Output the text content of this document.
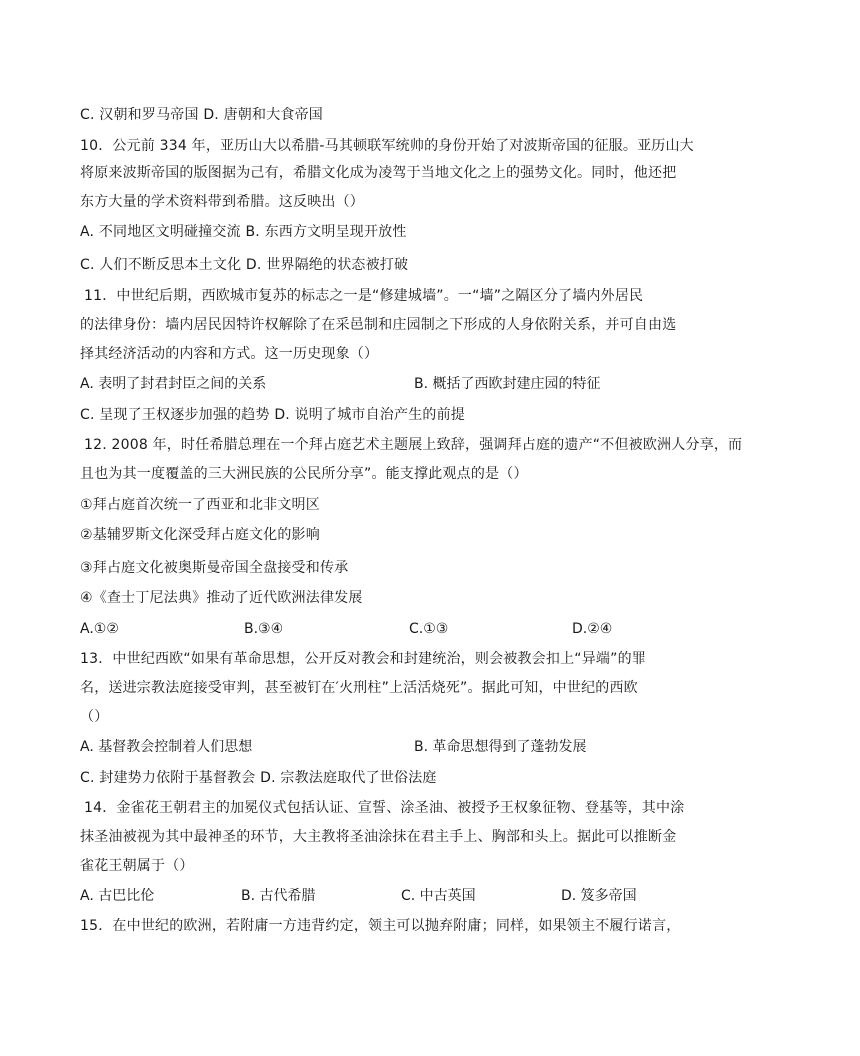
C. 汉朝和罗马帝国 D. 唐朝和大食帝国
10．公元前 334 年，亚历山大以希腊-马其顿联军统帅的身份开始了对波斯帝国的征服。亚历山大
将原来波斯帝国的版图据为己有，希腊文化成为凌驾于当地文化之上的强势文化。同时，他还把
东方大量的学术资料带到希腊。这反映出（）
A. 不同地区文明碰撞交流 B. 东西方文明呈现开放性
C. 人们不断反思本土文化 D. 世界隔绝的状态被打破
11．中世纪后期，西欧城市复苏的标志之一是“修建城墙”。一“墙”之隔区分了墙内外居民
的法律身份：墙内居民因特许权解除了在采邑制和庄园制之下形成的人身依附关系，并可自由选
择其经济活动的内容和方式。这一历史现象（）
A. 表明了封君封臣之间的关系	B. 概括了西欧封建庄园的特征
C. 呈现了王权逐步加强的趋势 D. 说明了城市自治产生的前提
12. 2008 年，时任希腊总理在一个拜占庭艺术主题展上致辞，强调拜占庭的遗产“不但被欧洲人分享，而
且也为其一度覆盖的三大洲民族的公民所分享”。能支撑此观点的是（）
①拜占庭首次统一了西亚和北非文明区
②基辅罗斯文化深受拜占庭文化的影响
③拜占庭文化被奥斯曼帝国全盘接受和传承
④《查士丁尼法典》推动了近代欧洲法律发展
A.①②	B.③④	C.①③	D.②④
13．中世纪西欧“如果有革命思想，公开反对教会和封建统治，则会被教会扣上“异端”的罪
名，送进宗教法庭接受审判，甚至被钉在′火刑柱”上活活烧死”。据此可知，中世纪的西欧
（）
A. 基督教会控制着人们思想	B. 革命思想得到了蓬勃发展
C. 封建势力依附于基督教会 D. 宗教法庭取代了世俗法庭
14．金雀花王朝君主的加冕仪式包括认证、宣誓、涂圣油、被授予王权象征物、登基等，其中涂
抹圣油被视为其中最神圣的环节，大主教将圣油涂抹在君主手上、胸部和头上。据此可以推断金
雀花王朝属于（）
A. 古巴比伦	B. 古代希腊	C. 中古英国	D. 笈多帝国
15．在中世纪的欧洲，若附庸一方违背约定，领主可以抛弃附庸；同样，如果领主不履行诺言，
